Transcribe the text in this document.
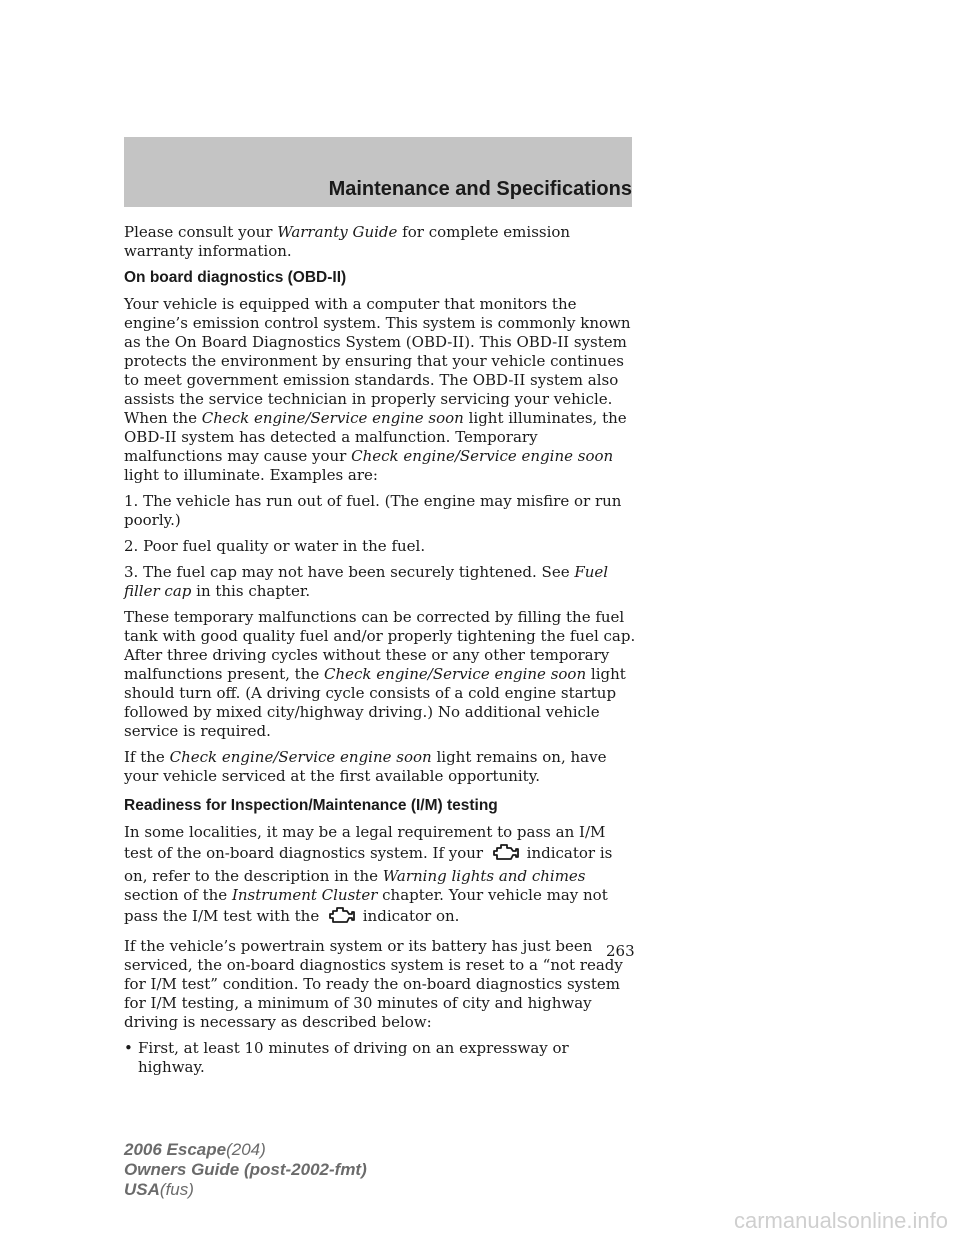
Maintenance and Specifications

Please consult your Warranty Guide for complete emission warranty information.

On board diagnostics (OBD-II)

Your vehicle is equipped with a computer that monitors the engine’s emission control system. This system is commonly known as the On Board Diagnostics System (OBD-II). This OBD-II system protects the environment by ensuring that your vehicle continues to meet government emission standards. The OBD-II system also assists the service technician in properly servicing your vehicle. When the Check engine/Service engine soon light illuminates, the OBD-II system has detected a malfunction. Temporary malfunctions may cause your Check engine/Service engine soon light to illuminate. Examples are:

1. The vehicle has run out of fuel. (The engine may misfire or run poorly.)

2. Poor fuel quality or water in the fuel.

3. The fuel cap may not have been securely tightened. See Fuel filler cap in this chapter.

These temporary malfunctions can be corrected by filling the fuel tank with good quality fuel and/or properly tightening the fuel cap. After three driving cycles without these or any other temporary malfunctions present, the Check engine/Service engine soon light should turn off. (A driving cycle consists of a cold engine startup followed by mixed city/highway driving.) No additional vehicle service is required.

If the Check engine/Service engine soon light remains on, have your vehicle serviced at the first available opportunity.

Readiness for Inspection/Maintenance (I/M) testing

In some localities, it may be a legal requirement to pass an I/M test of the on-board diagnostics system. If your  indicator is on, refer to the description in the Warning lights and chimes section of the Instrument Cluster chapter. Your vehicle may not pass the I/M test with the  indicator on.

If the vehicle’s powertrain system or its battery has just been serviced, the on-board diagnostics system is reset to a “not ready for I/M test” condition. To ready the on-board diagnostics system for I/M testing, a minimum of 30 minutes of city and highway driving is necessary as described below:

• First, at least 10 minutes of driving on an expressway or highway.
263
2006 Escape(204)
Owners Guide (post-2002-fmt)
USA(fus)
carmanualsonline.info
